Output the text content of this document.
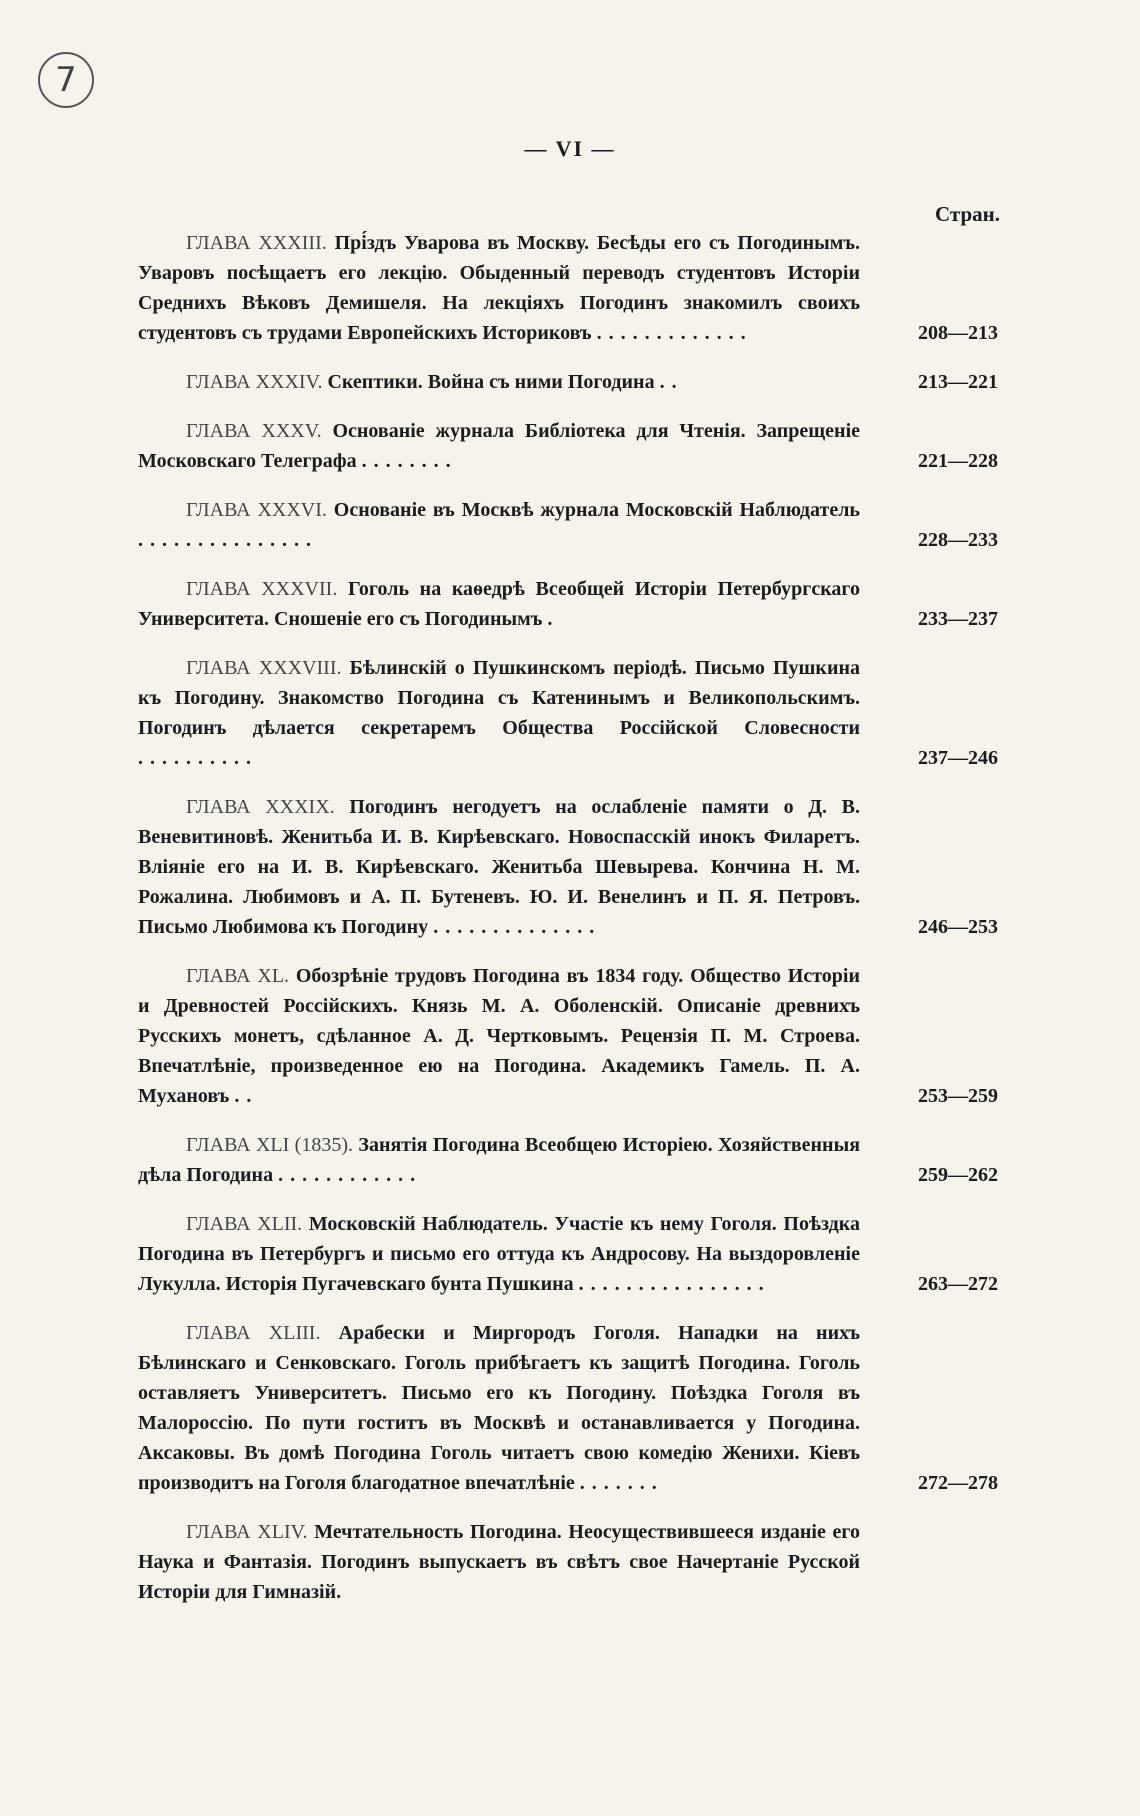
7
— VI —
Стран.
ГЛАВА XXXIII. Прі́здъ Уварова въ Москву. Бесѣды его съ Погодинымъ. Уваровъ посѣщаетъ его лекцію. Обыденный переводъ студентовъ Исторіи Среднихъ Вѣковъ Демишеля. На лекціяхъ Погодинъ знакомилъ своихъ студентовъ съ трудами Европейскихъ Историковъ .............	208—213
ГЛАВА XXXIV. Скептики. Война съ ними Погодина ..	213—221
ГЛАВА XXXV. Основаніе журнала Библіотека для Чтенія. Запрещеніе Московскаго Телеграфа ........	221—228
ГЛАВА XXXVI. Основаніе въ Москвѣ журнала Московскій Наблюдатель ...............	228—233
ГЛАВА XXXVII. Гоголь на каѳедрѣ Всеобщей Исторіи Петербургскаго Университета. Сношеніе его съ Погодинымъ .	233—237
ГЛАВА XXXVIII. Бѣлинскій о Пушкинскомъ періодѣ. Письмо Пушкина къ Погодину. Знакомство Погодина съ Катенинымъ и Великопольскимъ. Погодинъ дѣлается секретаремъ Общества Россійской Словесности ..........	237—246
ГЛАВА XXXIX. Погодинъ негодуетъ на ослабленіе памяти о Д. В. Веневитиновѣ. Женитьба И. В. Кирѣевскаго. Новоспасскій инокъ Филаретъ. Вліяніе его на И. В. Кирѣевскаго. Женитьба Шевырева. Кончина Н. М. Рожалина. Любимовъ и А. П. Бутеневъ. Ю. И. Венелинъ и П. Я. Петровъ. Письмо Любимова къ Погодину ..............	246—253
ГЛАВА XL. Обозрѣніе трудовъ Погодина въ 1834 году. Общество Исторіи и Древностей Россійскихъ. Князь М. А. Оболенскій. Описаніе древнихъ Русскихъ монетъ, сдѣланное А. Д. Чертковымъ. Рецензія П. М. Строева. Впечатлѣніе, произведенное ею на Погодина. Академикъ Гамель. П. А. Мухановъ ..	253—259
ГЛАВА XLI (1835). Занятія Погодина Всеобщею Исторіею. Хозяйственныя дѣла Погодина ............	259—262
ГЛАВА XLII. Московскій Наблюдатель. Участіе къ нему Гоголя. Поѣздка Погодина въ Петербургъ и письмо его оттуда къ Андросову. На выздоровленіе Лукулла. Исторія Пугачевскаго бунта Пушкина ................	263—272
ГЛАВА XLIII. Арабески и Миргородъ Гоголя. Нападки на нихъ Бѣлинскаго и Сенковскаго. Гоголь прибѣгаетъ къ защитѣ Погодина. Гоголь оставляетъ Университетъ. Письмо его къ Погодину. Поѣздка Гоголя въ Малороссію. По пути гоститъ въ Москвѣ и останавливается у Погодина. Аксаковы. Въ домѣ Погодина Гоголь читаетъ свою комедію Женихи. Кіевъ производитъ на Гоголя благодатное впечатлѣніе .......	272—278
ГЛАВА XLIV. Мечтательность Погодина. Неосуществившееся изданіе его Наука и Фантазія. Погодинъ выпускаетъ въ свѣтъ свое Начертаніе Русской Исторіи для Гимназій.
